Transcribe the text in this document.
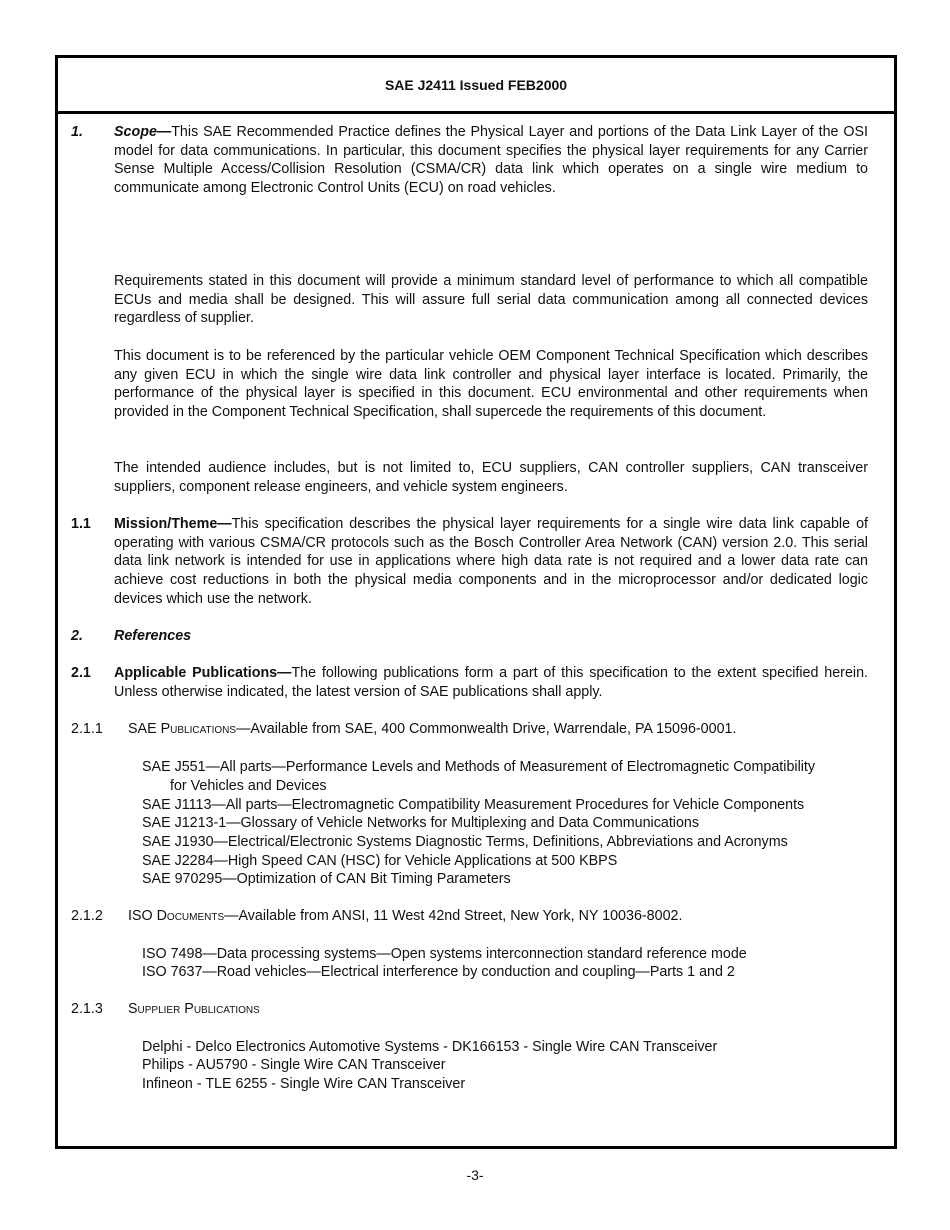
SAE J2411 Issued FEB2000

1. Scope—This SAE Recommended Practice defines the Physical Layer and portions of the Data Link Layer of the OSI model for data communications. In particular, this document specifies the physical layer requirements for any Carrier Sense Multiple Access/Collision Resolution (CSMA/CR) data link which operates on a single wire medium to communicate among Electronic Control Units (ECU) on road vehicles.

Requirements stated in this document will provide a minimum standard level of performance to which all compatible ECUs and media shall be designed. This will assure full serial data communication among all connected devices regardless of supplier.

This document is to be referenced by the particular vehicle OEM Component Technical Specification which describes any given ECU in which the single wire data link controller and physical layer interface is located. Primarily, the performance of the physical layer is specified in this document. ECU environmental and other requirements when provided in the Component Technical Specification, shall supercede the requirements of this document.

The intended audience includes, but is not limited to, ECU suppliers, CAN controller suppliers, CAN transceiver suppliers, component release engineers, and vehicle system engineers.

1.1 Mission/Theme—This specification describes the physical layer requirements for a single wire data link capable of operating with various CSMA/CR protocols such as the Bosch Controller Area Network (CAN) version 2.0. This serial data link network is intended for use in applications where high data rate is not required and a lower data rate can achieve cost reductions in both the physical media components and in the microprocessor and/or dedicated logic devices which use the network.

2. References

2.1 Applicable Publications—The following publications form a part of this specification to the extent specified herein. Unless otherwise indicated, the latest version of SAE publications shall apply.

2.1.1 SAE Publications—Available from SAE, 400 Commonwealth Drive, Warrendale, PA 15096-0001.

SAE J551—All parts—Performance Levels and Methods of Measurement of Electromagnetic Compatibility

for Vehicles and Devices

SAE J1113—All parts—Electromagnetic Compatibility Measurement Procedures for Vehicle Components

SAE J1213-1—Glossary of Vehicle Networks for Multiplexing and Data Communications

SAE J1930—Electrical/Electronic Systems Diagnostic Terms, Definitions, Abbreviations and Acronyms

SAE J2284—High Speed CAN (HSC) for Vehicle Applications at 500 KBPS

SAE 970295—Optimization of CAN Bit Timing Parameters

2.1.2 ISO Documents—Available from ANSI, 11 West 42nd Street, New York, NY 10036-8002.

ISO 7498—Data processing systems—Open systems interconnection standard reference mode

ISO 7637—Road vehicles—Electrical interference by conduction and coupling—Parts 1 and 2

2.1.3 Supplier Publications

Delphi - Delco Electronics Automotive Systems - DK166153 - Single Wire CAN Transceiver

Philips - AU5790 - Single Wire CAN Transceiver

Infineon - TLE 6255 - Single Wire CAN Transceiver

-3-
